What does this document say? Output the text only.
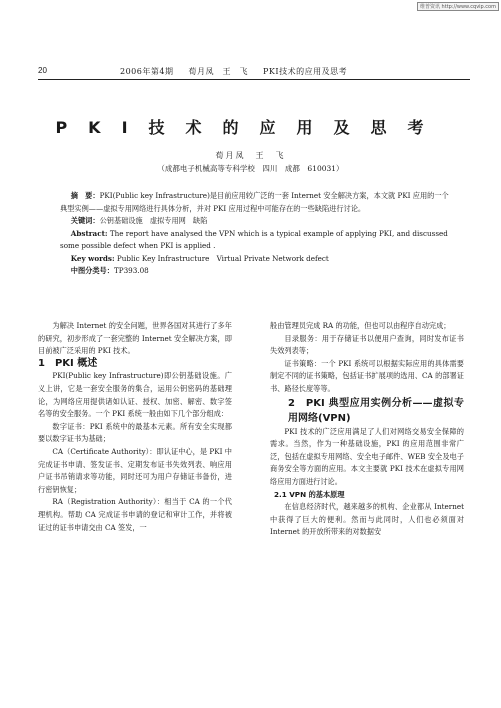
维普资讯 http://www.cqvip.com
20	2006年第4期 荀月凤　王　飞 PKI技术的应用及思考
PKI技术的应用及思考
荀月凤　王　飞
（成都电子机械高等专科学校　四川　成都　610031）

摘　要：PKI(Public key Infrastructure)是目前应用较广泛的一套 Internet 安全解决方案，本文就 PKI 应用的一个典型实例——虚拟专用网络进行具体分析，并对 PKI 应用过程中可能存在的一些缺陷进行讨论。

关键词：公钥基础设施　虚拟专用网　缺陷

Abstract: The report have analysed the VPN which is a typical example of applying PKI, and discussed some possible defect when PKI is applied .

Key words: Public Key Infrastructure　Virtual Private Network defect

中图分类号：TP393.08

为解决 Internet 的安全问题，世界各国对其进行了多年的研究，初步形成了一套完整的 Internet 安全解决方案，即目前被广泛采用的 PKI 技术。

1　PKI 概述

PKI(Public key Infrastructure)即公钥基础设施。广义上讲，它是一套安全服务的集合，运用公钥密码的基础理论，为网络应用提供诸如认证、授权、加密、解密、数字签名等的安全服务。一个 PKI 系统一般由如下几个部分组成：

数字证书：PKI 系统中的最基本元素。所有安全实现都要以数字证书为基础；

CA（Certificate Authority）：即认证中心，是 PKI 中完成证书申请、签发证书、定期发布证书失效列表、响应用户证书吊销请求等功能，同时还可为用户存储证书备份，进行密钥恢复；

RA（Registration Authority）：相当于 CA 的一个代理机构。帮助 CA 完成证书申请的登记和审计工作，并将被证过的证书申请交由 CA 签发，一

般由管理员完成 RA 的功能，但也可以由程序自动完成；

目录服务：用于存储证书以便用户查询，同时发布证书失效列表等；

证书策略：一个 PKI 系统可以根据实际应用的具体需要制定不同的证书策略，包括证书扩展项的选用、CA 的部署证书、路径长度等等。

2　PKI 典型应用实例分析——虚拟专用网络(VPN)

PKI 技术的广泛应用满足了人们对网络交易安全保障的需求。当然，作为一种基础设施，PKI 的应用范围非常广泛，包括在虚拟专用网络、安全电子邮件、WEB 安全及电子商务安全等方面的应用。本文主要就 PKI 技术在虚拟专用网络应用方面进行讨论。

2.1 VPN 的基本原理

在信息经济时代，越来越多的机构、企业都从 Internet 中获得了巨大的便利。然而与此同时，人们也必须面对 Internet 的开放所带来的对数据安
